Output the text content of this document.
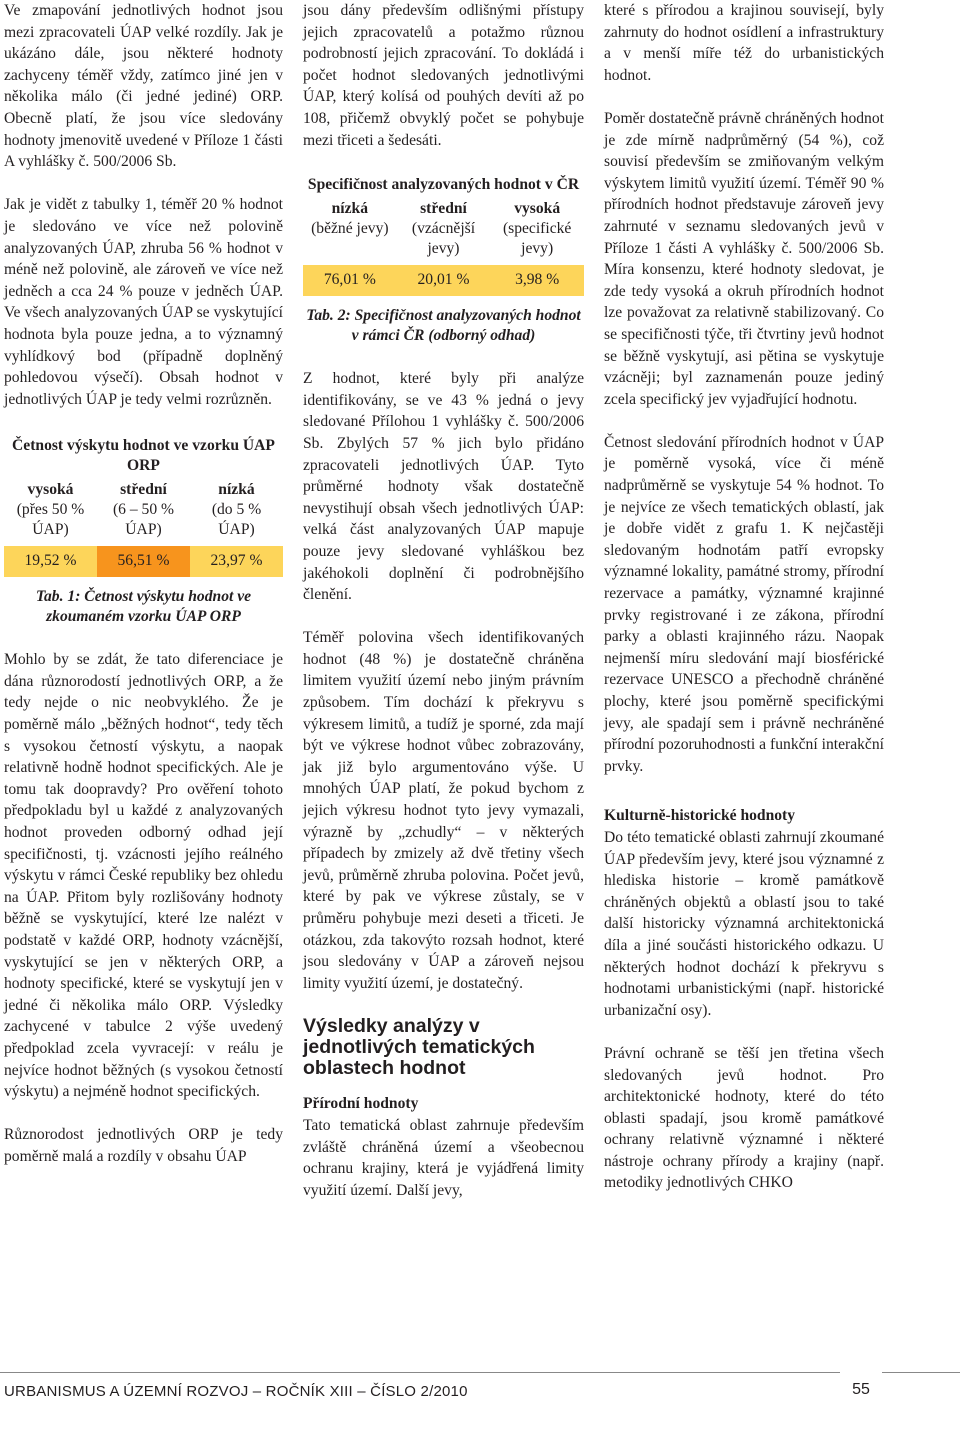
Ve zmapování jednotlivých hodnot jsou mezi zpracovateli ÚAP velké rozdíly. Jak je ukázáno dále, jsou některé hodnoty zachyceny téměř vždy, zatímco jiné jen v několika málo (či jedné jediné) ORP. Obecně platí, že jsou více sledovány hodnoty jmenovitě uvedené v Příloze 1 části A vyhlášky č. 500/2006 Sb.

Jak je vidět z tabulky 1, téměř 20 % hodnot je sledováno ve více než polovině analyzovaných ÚAP, zhruba 56 % hodnot v méně než polovině, ale zároveň ve více než jedněch a cca 24 % pouze v jedněch ÚAP. Ve všech analyzovaných ÚAP se vyskytující hodnota byla pouze jedna, a to významný vyhlídkový bod (případně doplněný pohledovou výsečí). Obsah hodnot v jednotlivých ÚAP je tedy velmi rozrůzněn.

Četnost výskytu hodnot ve vzorku ÚAP ORP		
vysoká	střední	nízká
(přes 50 % ÚAP)	(6 – 50 % ÚAP)	(do 5 % ÚAP)
19,52 %	56,51 %	23,97 %
Tab. 1: Četnost výskytu hodnot ve zkoumaném vzorku ÚAP ORP

Mohlo by se zdát, že tato diferenciace je dána různorodostí jednotlivých ORP, a že tedy nejde o nic neobvyklého. Že je poměrně málo „běžných hodnot“, tedy těch s vysokou četností výskytu, a naopak relativně hodně hodnot specifických. Ale je tomu tak doopravdy? Pro ověření tohoto předpokladu byl u každé z analyzovaných hodnot proveden odborný odhad její specifičnosti, tj. vzácnosti jejího reálného výskytu v rámci České republiky bez ohledu na ÚAP. Přitom byly rozlišovány hodnoty běžně se vyskytující, které lze nalézt v podstatě v každé ORP, hodnoty vzácnější, vyskytující se jen v některých ORP, a hodnoty specifické, které se vyskytují jen v jedné či několika málo ORP. Výsledky zachycené v tabulce 2 výše uvedený předpoklad zcela vyvracejí: v reálu je nejvíce hodnot běžných (s vysokou četností výskytu) a nejméně hodnot specifických.

Různorodost jednotlivých ORP je tedy poměrně malá a rozdíly v obsahu ÚAP

jsou dány především odlišnými přístupy jejich zpracovatelů a potažmo různou podrobností jejich zpracování. To dokládá i počet hodnot sledovaných jednotlivými ÚAP, který kolísá od pouhých devíti až po 108, přičemž obvyklý počet se pohybuje mezi třiceti a šedesáti.

Specifičnost analyzovaných hodnot v ČR		
nízká	střední	vysoká
(běžné jevy)	(vzácnější jevy)	(specifické jevy)
76,01 %	20,01 %	3,98 %
Tab. 2: Specifičnost analyzovaných hodnot v rámci ČR (odborný odhad)

Z hodnot, které byly při analýze identifikovány, se ve 43 % jedná o jevy sledované Přílohou 1 vyhlášky č. 500/2006 Sb. Zbylých 57 % jich bylo přidáno zpracovateli jednotlivých ÚAP. Tyto průměrné hodnoty však dostatečně nevystihují obsah všech jednotlivých ÚAP: velká část analyzovaných ÚAP mapuje pouze jevy sledované vyhláškou bez jakéhokoli doplnění či podrobnějšího členění.

Téměř polovina všech identifikovaných hodnot (48 %) je dostatečně chráněna limitem využití území nebo jiným právním způsobem. Tím dochází k překryvu s výkresem limitů, a tudíž je sporné, zda mají být ve výkrese hodnot vůbec zobrazovány, jak již bylo argumentováno výše. U mnohých ÚAP platí, že pokud bychom z jejich výkresu hodnot tyto jevy vymazali, výrazně by „zchudly“ – v některých případech by zmizely až dvě třetiny všech jevů, průměrně zhruba polovina. Počet jevů, které by pak ve výkrese zůstaly, se v průměru pohybuje mezi deseti a třiceti. Je otázkou, zda takovýto rozsah hodnot, které jsou sledovány v ÚAP a zároveň nejsou limity využití území, je dostatečný.

Výsledky analýzy v jednotlivých tematických oblastech hodnot

Přírodní hodnoty

Tato tematická oblast zahrnuje především zvláště chráněná území a všeobecnou ochranu krajiny, která je vyjádřená limity využití území. Další jevy,

které s přírodou a krajinou souvisejí, byly zahrnuty do hodnot osídlení a infrastruktury a v menší míře též do urbanistických hodnot.

Poměr dostatečně právně chráněných hodnot je zde mírně nadprůměrný (54 %), což souvisí především se zmiňovaným velkým výskytem limitů využití území. Téměř 90 % přírodních hodnot představuje zároveň jevy zahrnuté v seznamu sledovaných jevů v Příloze 1 části A vyhlášky č. 500/2006 Sb. Míra konsenzu, které hodnoty sledovat, je zde tedy vysoká a okruh přírodních hodnot lze považovat za relativně stabilizovaný. Co se specifičnosti týče, tři čtvrtiny jevů hodnot se běžně vyskytují, asi pětina se vyskytuje vzácněji; byl zaznamenán pouze jediný zcela specifický jev vyjadřující hodnotu.

Četnost sledování přírodních hodnot v ÚAP je poměrně vysoká, více či méně nadprůměrně se vyskytuje 54 % hodnot. To je nejvíce ze všech tematických oblastí, jak je dobře vidět z grafu 1. K nejčastěji sledovaným hodnotám patří evropsky významné lokality, památné stromy, přírodní rezervace a památky, významné krajinné prvky registrované i ze zákona, přírodní parky a oblasti krajinného rázu. Naopak nejmenší míru sledování mají biosférické rezervace UNESCO a přechodně chráněné plochy, které jsou poměrně specifickými jevy, ale spadají sem i právně nechráněné přírodní pozoruhodnosti a funkční interakční prvky.

Kulturně-historické hodnoty

Do této tematické oblasti zahrnují zkoumané ÚAP především jevy, které jsou významné z hlediska historie – kromě památkově chráněných objektů a oblastí jsou to také další historicky významná architektonická díla a jiné součásti historického odkazu. U některých hodnot dochází k překryvu s hodnotami urbanistickými (např. historické urbanizační osy).

Právní ochraně se těší jen třetina všech sledovaných jevů hodnot. Pro architektonické hodnoty, které do této oblasti spadají, jsou kromě památkové ochrany relativně významné i některé nástroje ochrany přírody a krajiny (např. metodiky jednotlivých CHKO

URBANISMUS A ÚZEMNÍ ROZVOJ – ROČNÍK XIII – ČÍSLO 2/2010	55
